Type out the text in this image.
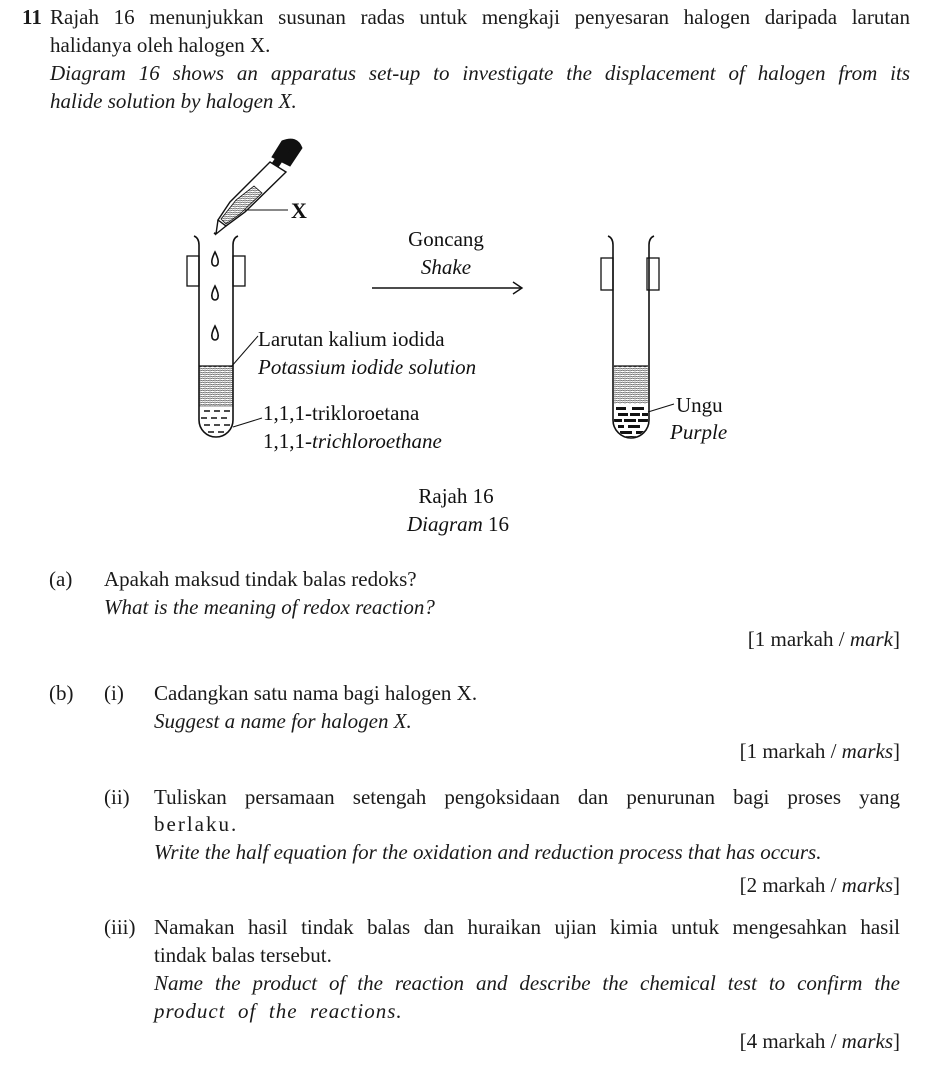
11 Rajah 16 menunjukkan susunan radas untuk mengkaji penyesaran halogen daripada larutan
halidanya oleh halogen X.
Diagram 16 shows an apparatus set-up to investigate the displacement of halogen from its
halide solution by halogen X.
X
Larutan kalium iodida
Potassium iodide solution
1,1,1-trikloroetana
1,1,1-trichloroethane
Goncang
Shake
Ungu
Purple
Rajah 16
Diagram 16
(a) Apakah maksud tindak balas redoks?
What is the meaning of redox reaction?
[1 markah / mark]
(b) (i) Cadangkan satu nama bagi halogen X.
Suggest a name for halogen X.
[1 markah / marks]
(ii) Tuliskan persamaan setengah pengoksidaan dan penurunan bagi proses yang
berlaku.
Write the half equation for the oxidation and reduction process that has occurs.
[2 markah / marks]
(iii) Namakan hasil tindak balas dan huraikan ujian kimia untuk mengesahkan hasil
tindak balas tersebut.
Name the product of the reaction and describe the chemical test to confirm the
product  of  the  reactions.
[4 markah / marks]
